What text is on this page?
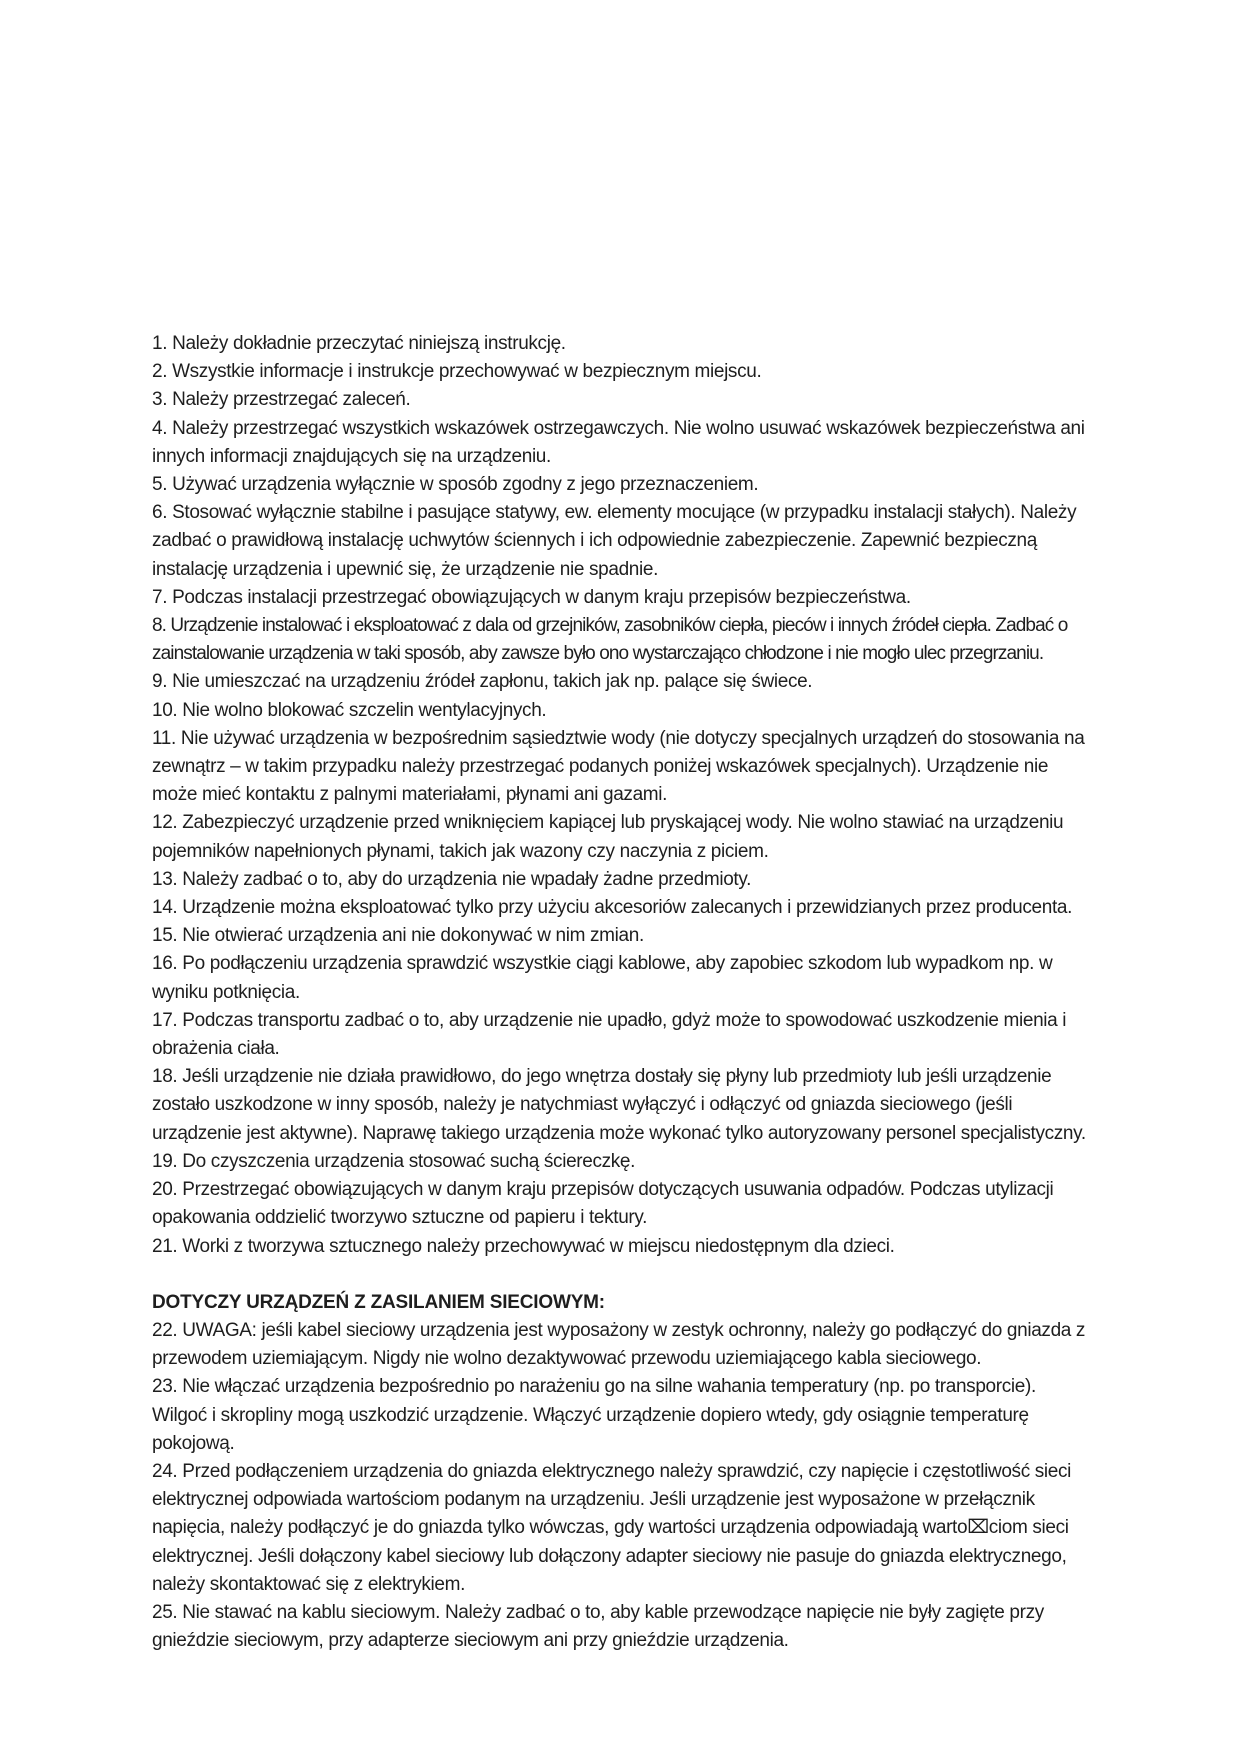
1. Należy dokładnie przeczytać niniejszą instrukcję.

2. Wszystkie informacje i instrukcje przechowywać w bezpiecznym miejscu.

3. Należy przestrzegać zaleceń.

4. Należy przestrzegać wszystkich wskazówek ostrzegawczych. Nie wolno usuwać wskazówek bezpieczeństwa ani innych informacji znajdujących się na urządzeniu.

5. Używać urządzenia wyłącznie w sposób zgodny z jego przeznaczeniem.

6. Stosować wyłącznie stabilne i pasujące statywy, ew. elementy mocujące (w przypadku instalacji stałych). Należy zadbać o prawidłową instalację uchwytów ściennych i ich odpowiednie zabezpieczenie. Zapewnić bezpieczną instalację urządzenia i upewnić się, że urządzenie nie spadnie.

7. Podczas instalacji przestrzegać obowiązujących w danym kraju przepisów bezpieczeństwa.

8. Urządzenie instalować i eksploatować z dala od grzejników, zasobników ciepła, pieców i innych źródeł ciepła. Zadbać o zainstalowanie urządzenia w taki sposób, aby zawsze było ono wystarczająco chłodzone i nie mogło ulec przegrzaniu.

9. Nie umieszczać na urządzeniu źródeł zapłonu, takich jak np. palące się świece.

10. Nie wolno blokować szczelin wentylacyjnych.

11. Nie używać urządzenia w bezpośrednim sąsiedztwie wody (nie dotyczy specjalnych urządzeń do stosowania na zewnątrz – w takim przypadku należy przestrzegać podanych poniżej wskazówek specjalnych). Urządzenie nie może mieć kontaktu z palnymi materiałami, płynami ani gazami.

12. Zabezpieczyć urządzenie przed wniknięciem kapiącej lub pryskającej wody. Nie wolno stawiać na urządzeniu pojemników napełnionych płynami, takich jak wazony czy naczynia z piciem.

13. Należy zadbać o to, aby do urządzenia nie wpadały żadne przedmioty.

14. Urządzenie można eksploatować tylko przy użyciu akcesoriów zalecanych i przewidzianych przez producenta.

15. Nie otwierać urządzenia ani nie dokonywać w nim zmian.

16. Po podłączeniu urządzenia sprawdzić wszystkie ciągi kablowe, aby zapobiec szkodom lub wypadkom np. w wyniku potknięcia.

17. Podczas transportu zadbać o to, aby urządzenie nie upadło, gdyż może to spowodować uszkodzenie mienia i obrażenia ciała.

18. Jeśli urządzenie nie działa prawidłowo, do jego wnętrza dostały się płyny lub przedmioty lub jeśli urządzenie zostało uszkodzone w inny sposób, należy je natychmiast wyłączyć i odłączyć od gniazda sieciowego (jeśli urządzenie jest aktywne). Naprawę takiego urządzenia może wykonać tylko autoryzowany personel specjalistyczny.

19. Do czyszczenia urządzenia stosować suchą ściereczkę.

20. Przestrzegać obowiązujących w danym kraju przepisów dotyczących usuwania odpadów. Podczas utylizacji opakowania oddzielić tworzywo sztuczne od papieru i tektury.

21. Worki z tworzywa sztucznego należy przechowywać w miejscu niedostępnym dla dzieci.

DOTYCZY URZĄDZEŃ Z ZASILANIEM SIECIOWYM:

22. UWAGA: jeśli kabel sieciowy urządzenia jest wyposażony w zestyk ochronny, należy go podłączyć do gniazda z przewodem uziemiającym. Nigdy nie wolno dezaktywować przewodu uziemiającego kabla sieciowego.

23. Nie włączać urządzenia bezpośrednio po narażeniu go na silne wahania temperatury (np. po transporcie). Wilgoć i skropliny mogą uszkodzić urządzenie. Włączyć urządzenie dopiero wtedy, gdy osiągnie temperaturę pokojową.

24. Przed podłączeniem urządzenia do gniazda elektrycznego należy sprawdzić, czy napięcie i częstotliwość sieci elektrycznej odpowiada wartościom podanym na urządzeniu. Jeśli urządzenie jest wyposażone w przełącznik napięcia, należy podłączyć je do gniazda tylko wówczas, gdy wartości urządzenia odpowiadają warto⌧ciom sieci elektrycznej. Jeśli dołączony kabel sieciowy lub dołączony adapter sieciowy nie pasuje do gniazda elektrycznego, należy skontaktować się z elektrykiem.

25. Nie stawać na kablu sieciowym. Należy zadbać o to, aby kable przewodzące napięcie nie były zagięte przy gnieździe sieciowym, przy adapterze sieciowym ani przy gnieździe urządzenia.
